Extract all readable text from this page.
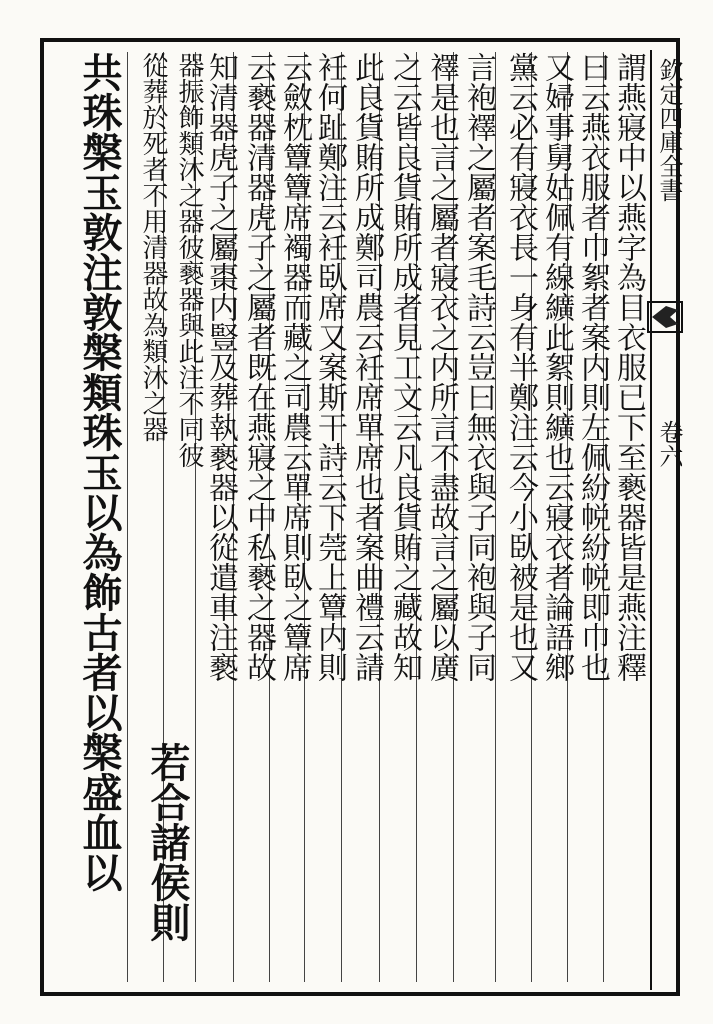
欽定四庫全書
卷六
謂燕寢中以燕字為目衣服已下至褻器皆是燕注釋
曰云燕衣服者巾絮者案内則左佩紛帨紛帨即巾也
又婦事舅姑佩有線纊此絮則纊也云寢衣者論語鄉
黨云必有寢衣長一身有半鄭注云今小臥被是也又
言袍襗之屬者案毛詩云豈曰無衣與子同袍與子同
襗是也言之屬者寢衣之内所言不盡故言之屬以廣
之云皆良貨賄所成者見工文云凡良貨賄之藏故知
此良貨賄所成鄭司農云衽席單席也者案曲禮云請
衽何趾鄭注云衽臥席又案斯干詩云下莞上簟内則
云斂枕簟簟席襡器而藏之司農云單席則臥之簟席
云褻器清器虎子之屬者既在燕寢之中私褻之器故
知清器虎子之屬棗内豎及葬執褻器以從遣車注褻
器振飾類沐之器彼褻器與此注不同彼
從葬於死者不用清器故為類沐之器
共珠槃玉敦注敦槃類珠玉以為飾古者以槃盛血以 若合諸侯則
